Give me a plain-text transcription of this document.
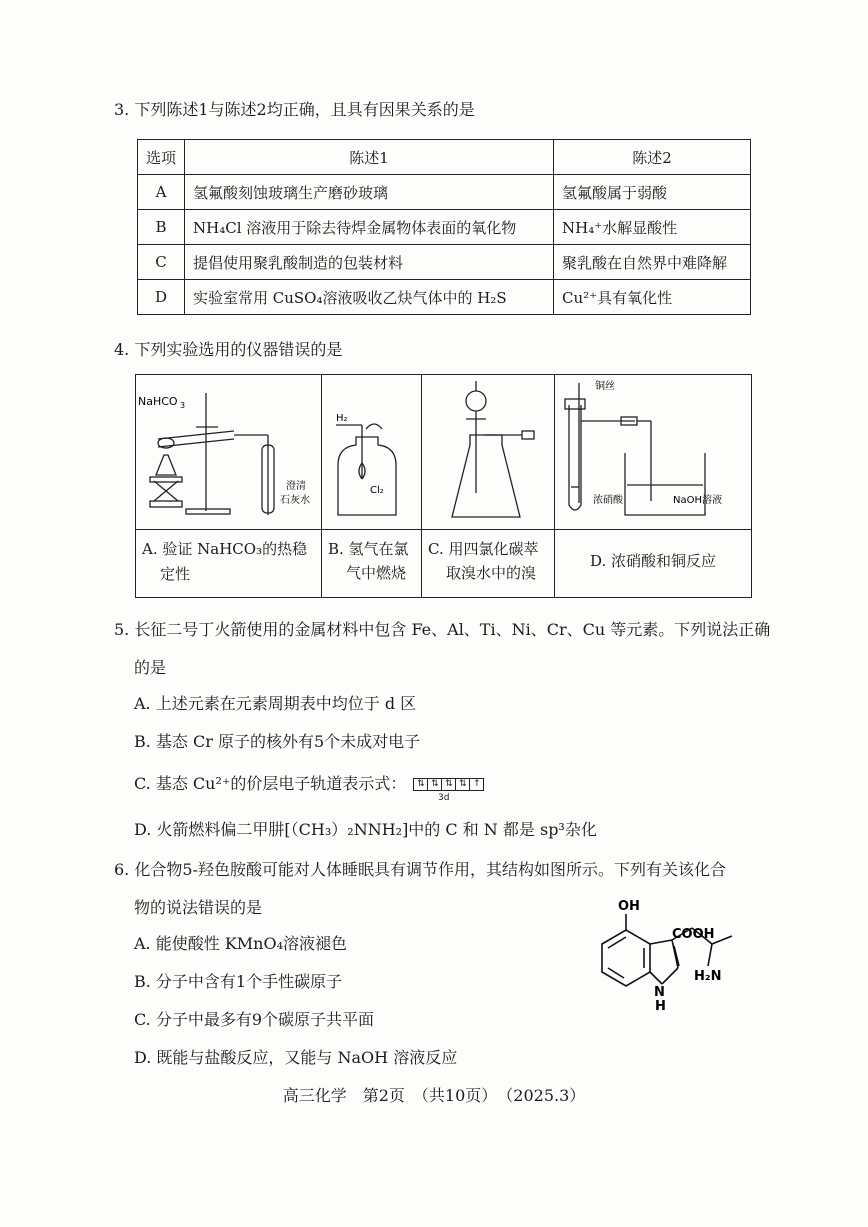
3. 下列陈述1与陈述2均正确，且具有因果关系的是
选项	陈述1	陈述2
A	氢氟酸刻蚀玻璃生产磨砂玻璃	氢氟酸属于弱酸
B	NH₄Cl 溶液用于除去待焊金属物体表面的氧化物	NH₄⁺水解显酸性
C	提倡使用聚乳酸制造的包装材料	聚乳酸在自然界中难降解
D	实验室常用 CuSO₄溶液吸收乙炔气体中的 H₂S	Cu²⁺具有氧化性
4. 下列实验选用的仪器错误的是
NaHCO 3
澄清
石灰水
A. 验证 NaHCO₃的热稳
定性
H₂
Cl₂
B. 氢气在氯
气中燃烧
C. 用四氯化碳萃
取溴水中的溴
铜丝
浓硝酸	NaOH溶液
D. 浓硝酸和铜反应
5. 长征二号丁火箭使用的金属材料中包含 Fe、Al、Ti、Ni、Cr、Cu 等元素。下列说法正确
的是
A. 上述元素在元素周期表中均位于 d 区
B. 基态 Cr 原子的核外有5个未成对电子
C. 基态 Cu²⁺的价层电子轨道表示式：	⇅ ⇅ ⇅ ⇅ ↑
3d
D. 火箭燃料偏二甲肼[（CH₃）₂NNH₂]中的 C 和 N 都是 sp³杂化
6. 化合物5-羟色胺酸可能对人体睡眠具有调节作用，其结构如图所示。下列有关该化合
物的说法错误的是
A. 能使酸性 KMnO₄溶液褪色
B. 分子中含有1个手性碳原子
C. 分子中最多有9个碳原子共平面
D. 既能与盐酸反应，又能与 NaOH 溶液反应
OH
COOH
N
H
H₂N
高三化学　第2页　（共10页）　（2025.3）
